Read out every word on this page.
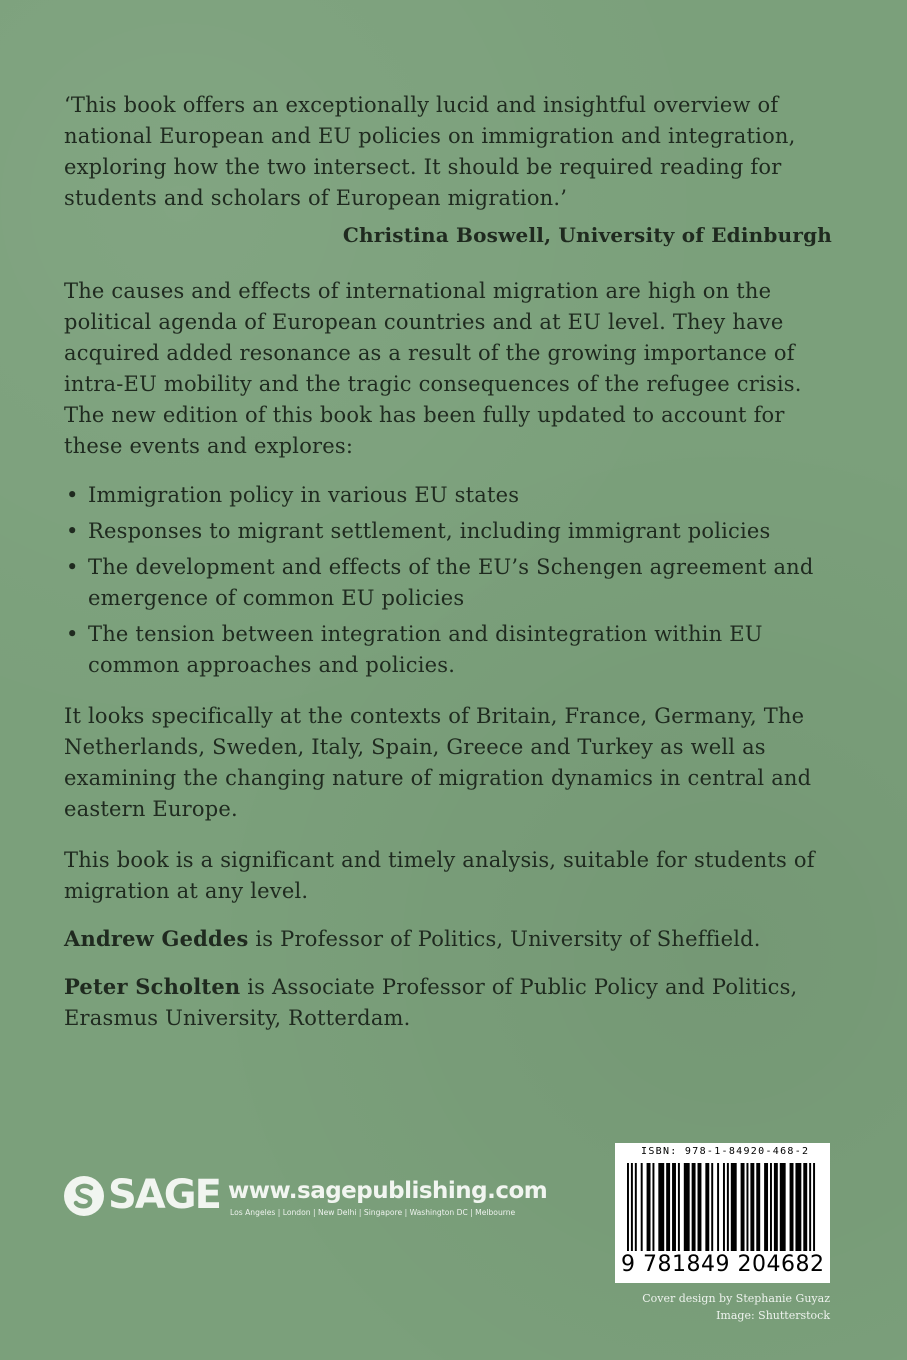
‘This book offers an exceptionally lucid and insightful overview of national European and EU policies on immigration and integration, exploring how the two intersect. It should be required reading for students and scholars of European migration.’

Christina Boswell, University of Edinburgh

The causes and effects of international migration are high on the political agenda of European countries and at EU level. They have acquired added resonance as a result of the growing importance of intra-EU mobility and the tragic consequences of the refugee crisis. The new edition of this book has been fully updated to account for these events and explores:

• Immigration policy in various EU states
• Responses to migrant settlement, including immigrant policies
• The development and effects of the EU’s Schengen agreement and emergence of common EU policies
• The tension between integration and disintegration within EU common approaches and policies.

It looks specifically at the contexts of Britain, France, Germany, The Netherlands, Sweden, Italy, Spain, Greece and Turkey as well as examining the changing nature of migration dynamics in central and eastern Europe.

This book is a significant and timely analysis, suitable for students of migration at any level.

Andrew Geddes is Professor of Politics, University of Sheffield.

Peter Scholten is Associate Professor of Public Policy and Politics, Erasmus University, Rotterdam.

SAGE www.sagepublishing.com
Los Angeles | London | New Delhi | Singapore | Washington DC | Melbourne
ISBN: 978-1-84920-468-2
9 781849 204682
Cover design by Stephanie Guyaz
Image: Shutterstock
